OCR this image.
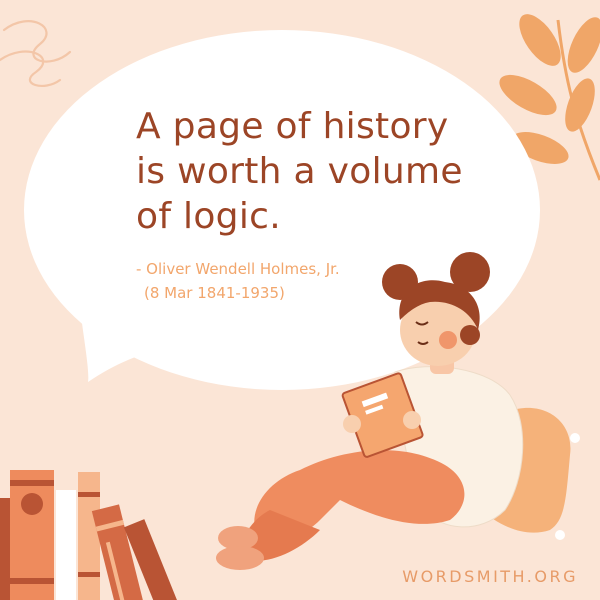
A page of history
is worth a volume
of logic.

- Oliver Wendell Holmes, Jr.
(8 Mar 1841-1935)
WORDSMITH.ORG
